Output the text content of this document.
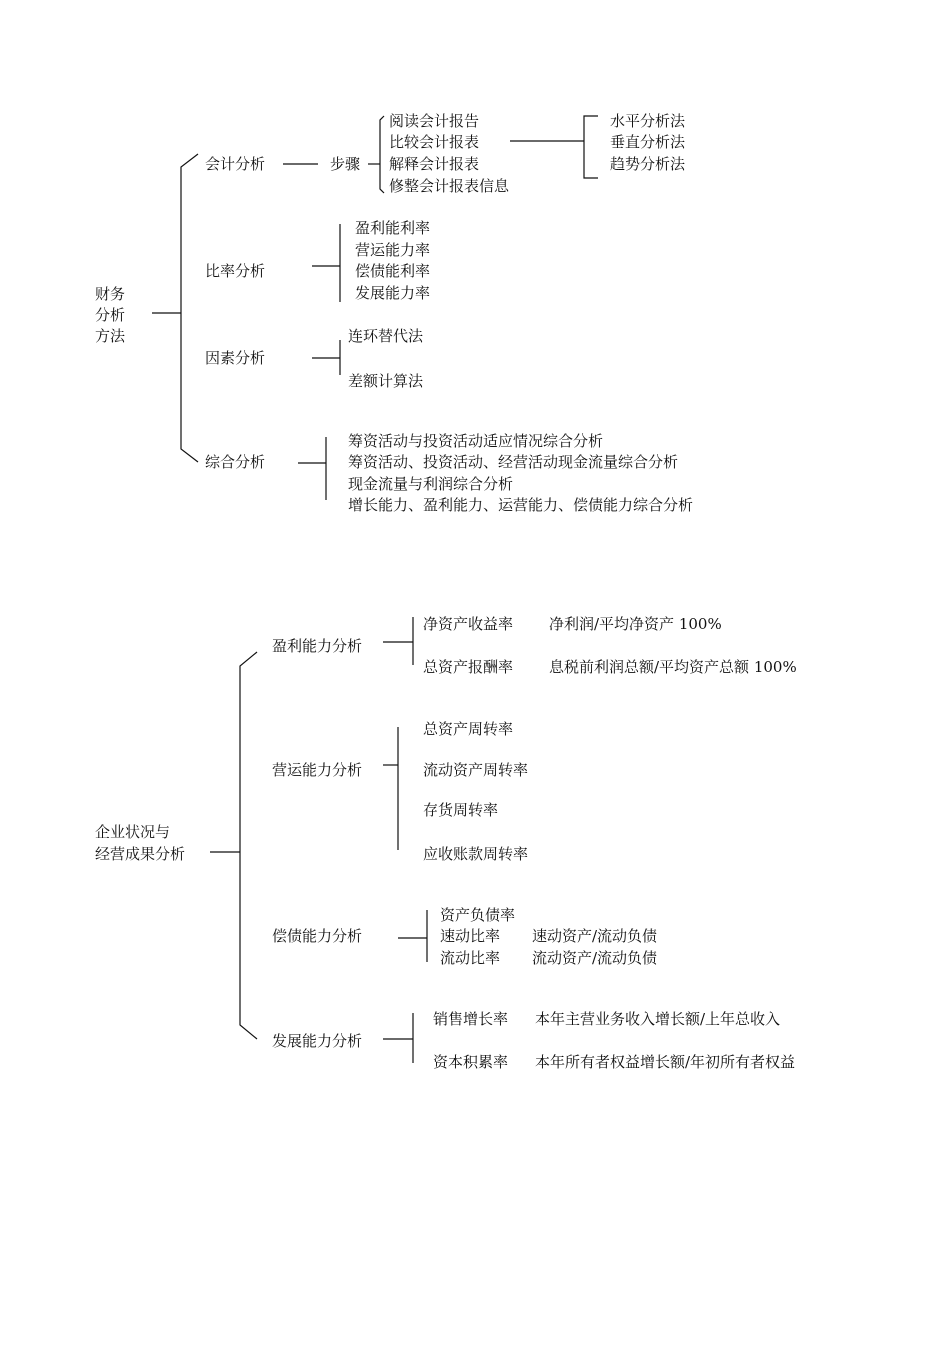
财务
分析
方法
会计分析	步骤
阅读会计报告
比较会计报表
解释会计报表
修整会计报表信息
水平分析法
垂直分析法
趋势分析法
比率分析
盈利能利率
营运能力率
偿债能利率
发展能力率
因素分析
连环替代法
差额计算法
综合分析
筹资活动与投资活动适应情况综合分析
筹资活动、投资活动、经营活动现金流量综合分析
现金流量与利润综合分析
增长能力、盈利能力、运营能力、偿债能力综合分析
企业状况与
经营成果分析
盈利能力分析
净资产收益率 净利润/平均净资产 100%
总资产报酬率 息税前利润总额/平均资产总额 100%
营运能力分析
总资产周转率
流动资产周转率
存货周转率
应收账款周转率
偿债能力分析
资产负债率
速动比率 速动资产/流动负债
流动比率 流动资产/流动负债
发展能力分析
销售增长率 本年主营业务收入增长额/上年总收入
资本积累率 本年所有者权益增长额/年初所有者权益
